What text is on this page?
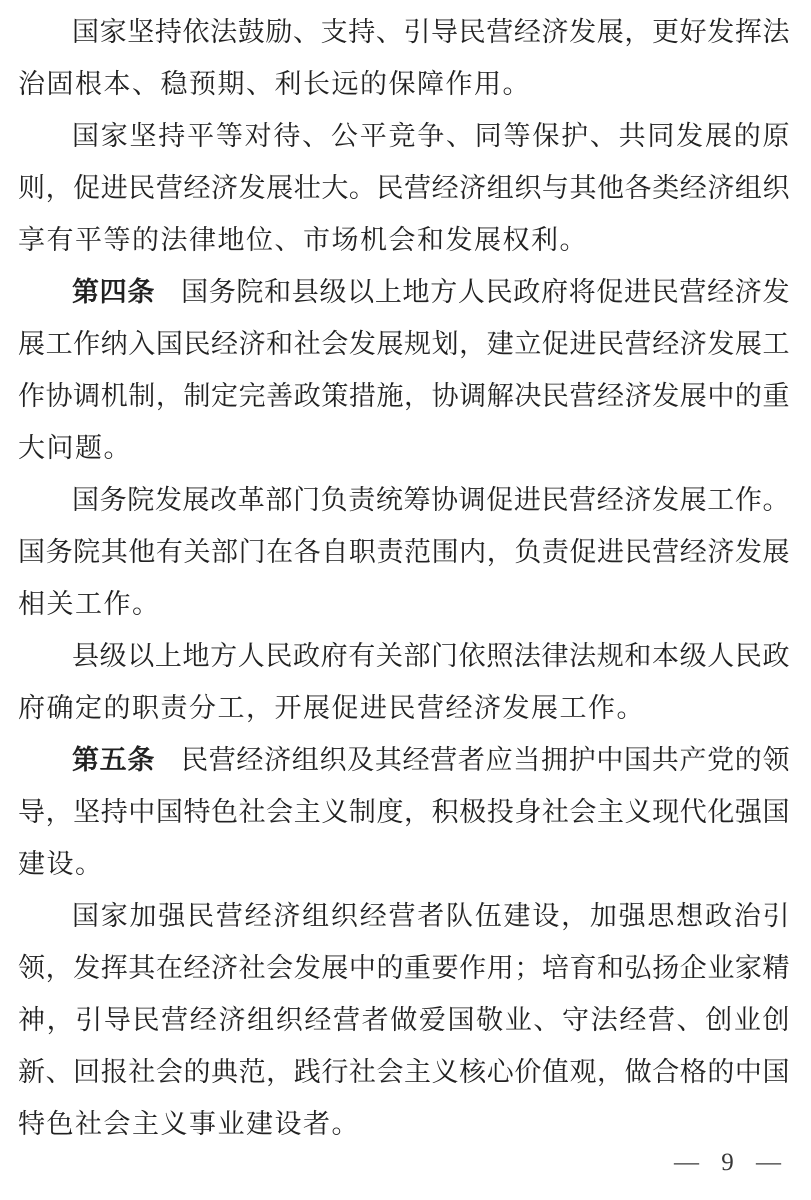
国家坚持依法鼓励、支持、引导民营经济发展，更好发挥法
治固根本、稳预期、利长远的保障作用。
国家坚持平等对待、公平竞争、同等保护、共同发展的原
则，促进民营经济发展壮大。民营经济组织与其他各类经济组织
享有平等的法律地位、市场机会和发展权利。
第四条 国务院和县级以上地方人民政府将促进民营经济发
展工作纳入国民经济和社会发展规划，建立促进民营经济发展工
作协调机制，制定完善政策措施，协调解决民营经济发展中的重
大问题。
国务院发展改革部门负责统筹协调促进民营经济发展工作。
国务院其他有关部门在各自职责范围内，负责促进民营经济发展
相关工作。
县级以上地方人民政府有关部门依照法律法规和本级人民政
府确定的职责分工，开展促进民营经济发展工作。
第五条 民营经济组织及其经营者应当拥护中国共产党的领
导，坚持中国特色社会主义制度，积极投身社会主义现代化强国
建设。
国家加强民营经济组织经营者队伍建设，加强思想政治引
领，发挥其在经济社会发展中的重要作用；培育和弘扬企业家精
神，引导民营经济组织经营者做爱国敬业、守法经营、创业创
新、回报社会的典范，践行社会主义核心价值观，做合格的中国
特色社会主义事业建设者。
— 9 —
